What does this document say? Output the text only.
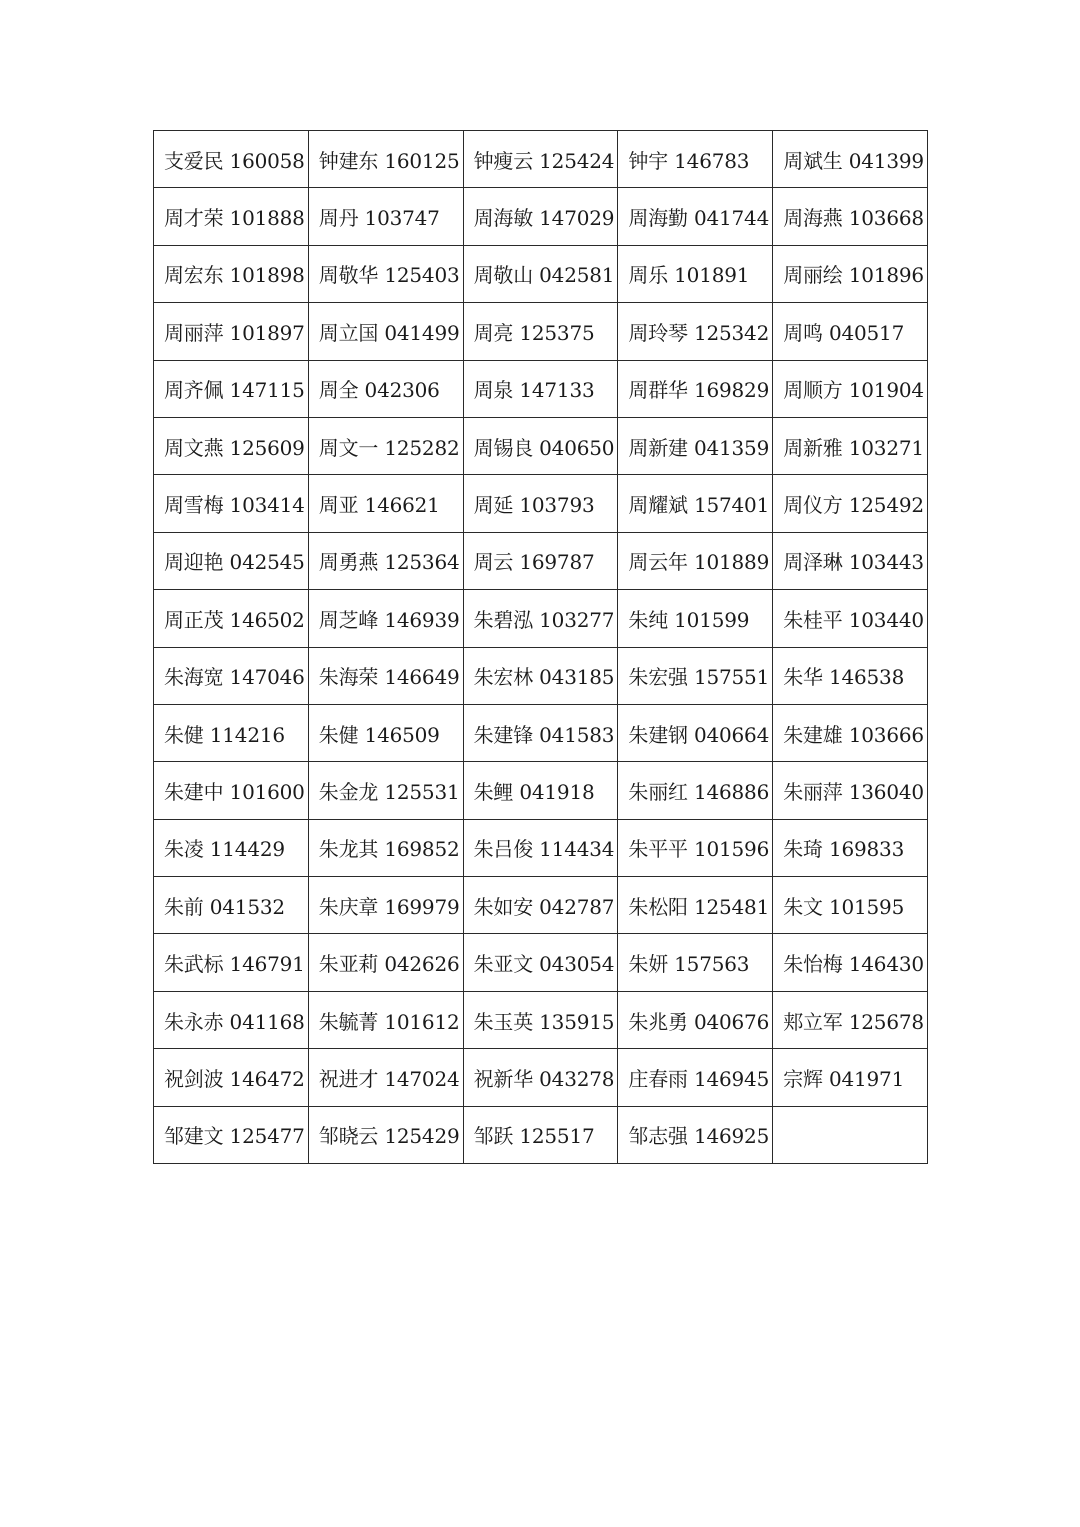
支爱民 160058	钟建东 160125	钟瘦云 125424	钟宇 146783	周斌生 041399
周才荣 101888	周丹 103747	周海敏 147029	周海勤 041744	周海燕 103668
周宏东 101898	周敬华 125403	周敬山 042581	周乐 101891	周丽绘 101896
周丽萍 101897	周立国 041499	周亮 125375	周玲琴 125342	周鸣 040517
周齐佩 147115	周全 042306	周泉 147133	周群华 169829	周顺方 101904
周文燕 125609	周文一 125282	周锡良 040650	周新建 041359	周新雅 103271
周雪梅 103414	周亚 146621	周延 103793	周耀斌 157401	周仪方 125492
周迎艳 042545	周勇燕 125364	周云 169787	周云年 101889	周泽琳 103443
周正茂 146502	周芝峰 146939	朱碧泓 103277	朱纯 101599	朱桂平 103440
朱海宽 147046	朱海荣 146649	朱宏林 043185	朱宏强 157551	朱华 146538
朱健 114216	朱健 146509	朱建锋 041583	朱建钢 040664	朱建雄 103666
朱建中 101600	朱金龙 125531	朱鲤 041918	朱丽红 146886	朱丽萍 136040
朱凌 114429	朱龙其 169852	朱吕俊 114434	朱平平 101596	朱琦 169833
朱前 041532	朱庆章 169979	朱如安 042787	朱松阳 125481	朱文 101595
朱武标 146791	朱亚莉 042626	朱亚文 043054	朱妍 157563	朱怡梅 146430
朱永赤 041168	朱毓菁 101612	朱玉英 135915	朱兆勇 040676	郏立军 125678
祝剑波 146472	祝进才 147024	祝新华 043278	庄春雨 146945	宗辉 041971
邹建文 125477	邹晓云 125429	邹跃 125517	邹志强 146925	
